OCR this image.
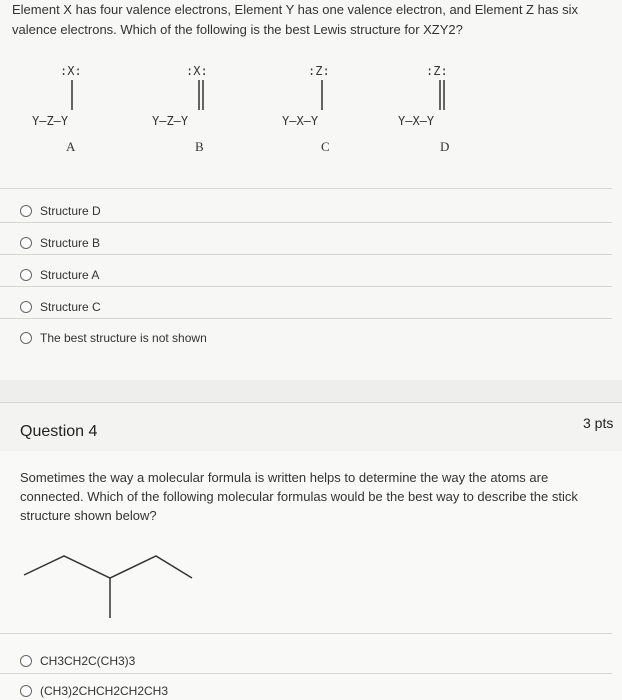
Element X has four valence electrons, Element Y has one valence electron, and Element Z has six valence electrons. Which of the following is the best Lewis structure for XZY2?
:X:
Y—Z—Y
A
:X:
Y—Z—Y
B
:Z:
Y—X—Y
C
:Z:
Y—X—Y
D
Structure D
Structure B
Structure A
Structure C
The best structure is not shown
Question 4	3 pts
Sometimes the way a molecular formula is written helps to determine the way the atoms are connected. Which of the following molecular formulas would be the best way to describe the stick structure shown below?
CH3CH2C(CH3)3
(CH3)2CHCH2CH2CH3
